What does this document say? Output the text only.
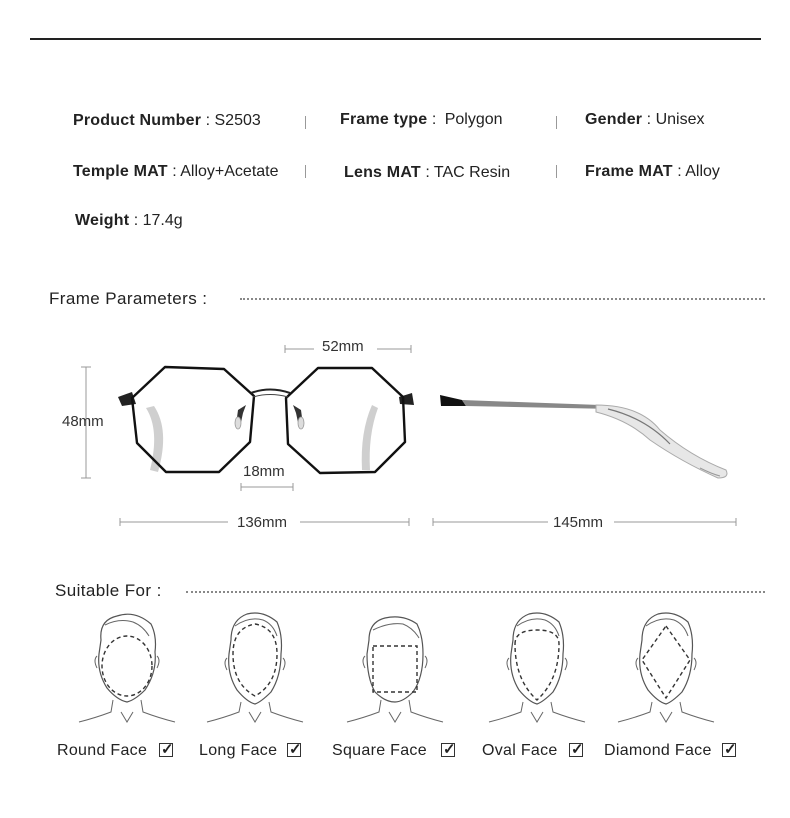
Product Number : S2503	Frame type : Polygon	Gender : Unisex
Temple MAT : Alloy+Acetate	Lens MAT : TAC Resin	Frame MAT : Alloy
Weight : 17.4g
Frame Parameters :
52mm
48mm
18mm
136mm	145mm
Suitable For :
Round Face ✓ Long Face ✓ Square Face ✓ Oval Face ✓ Diamond Face ✓
